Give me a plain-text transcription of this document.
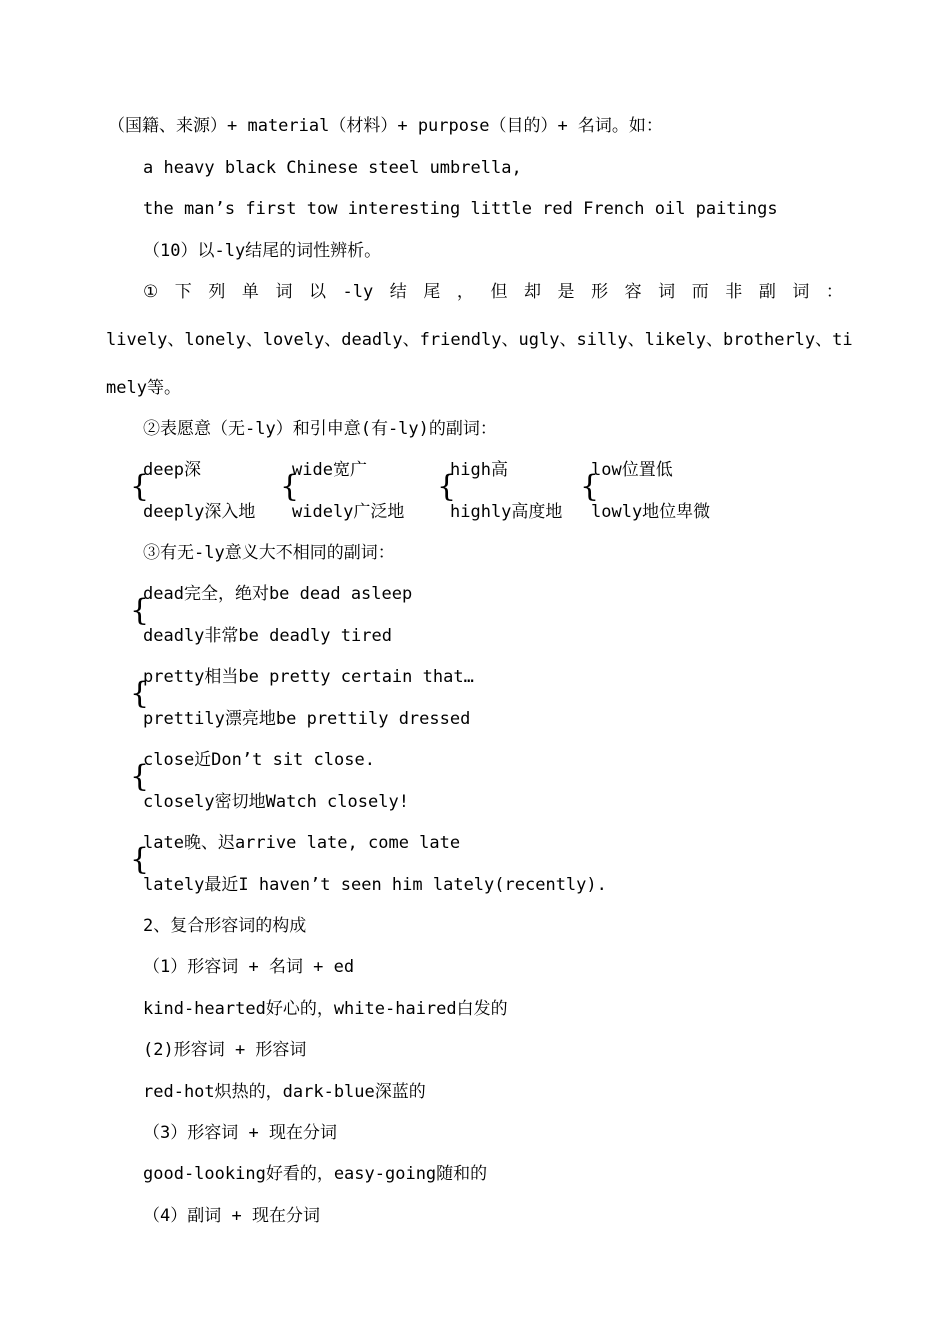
（国籍、来源）+ material（材料）+ purpose（目的）+ 名词。如：
a heavy black Chinese steel umbrella,
the man’s first tow interesting little red French oil paitings
（10）以-ly结尾的词性辨析。
① 下 列 单 词 以 -ly 结 尾 ， 但 却 是 形 容 词 而 非 副 词 ：
lively、lonely、lovely、deadly、friendly、ugly、silly、likely、brotherly、ti
mely等。
②表愿意（无-ly）和引申意(有-ly)的副词：
{
deep深
deeply深入地
{
wide宽广
widely广泛地
{
high高
highly高度地
{
low位置低
lowly地位卑微
③有无-ly意义大不相同的副词：
{
dead完全，绝对be dead asleep
deadly非常be deadly tired
{
pretty相当be pretty certain that…
prettily漂亮地be prettily dressed
{
close近Don’t sit close.
closely密切地Watch closely!
{
late晚、迟arrive late, come late
lately最近I haven’t seen him lately(recently).
2、复合形容词的构成
（1）形容词 + 名词 + ed
kind-hearted好心的，white-haired白发的
(2)形容词 + 形容词
red-hot炽热的，dark-blue深蓝的
（3）形容词 + 现在分词
good-looking好看的，easy-going随和的
（4）副词 + 现在分词
